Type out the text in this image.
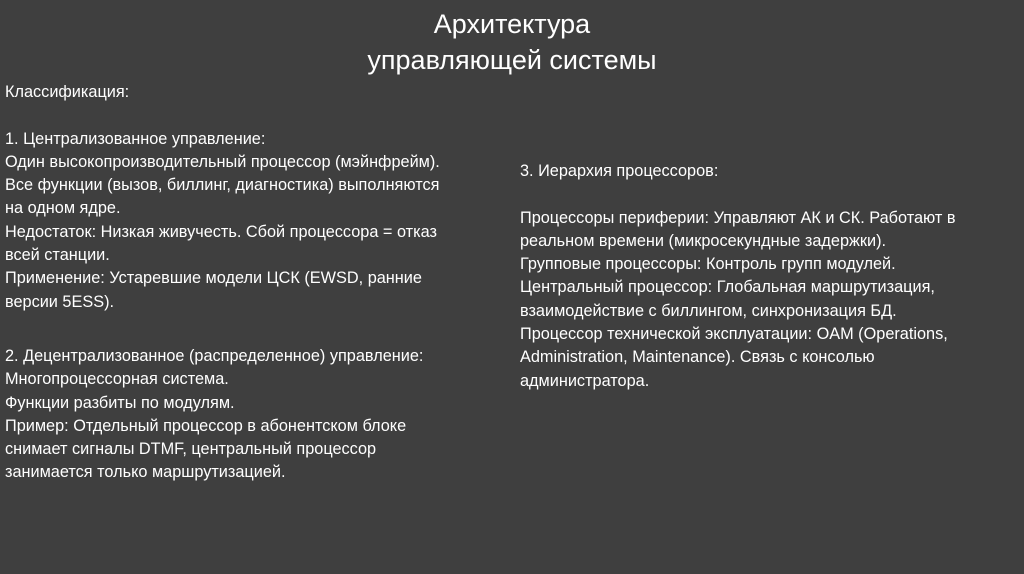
Архитектура
управляющей системы
Классификация:
1. Централизованное управление:
Один высокопроизводительный процессор (мэйнфрейм).
Все функции (вызов, биллинг, диагностика) выполняются
на одном ядре.
Недостаток: Низкая живучесть. Сбой процессора = отказ
всей станции.
Применение: Устаревшие модели ЦСК (EWSD, ранние
версии 5ESS).
2. Децентрализованное (распределенное) управление:
Многопроцессорная система.
Функции разбиты по модулям.
Пример: Отдельный процессор в абонентском блоке
снимает сигналы DTMF, центральный процессор
занимается только маршрутизацией.
3. Иерархия процессоров:
Процессоры периферии: Управляют АК и СК. Работают в
реальном времени (микросекундные задержки).
Групповые процессоры: Контроль групп модулей.
Центральный процессор: Глобальная маршрутизация,
взаимодействие с биллингом, синхронизация БД.
Процессор технической эксплуатации: OAM (Operations,
Administration, Maintenance). Связь с консолью
администратора.
